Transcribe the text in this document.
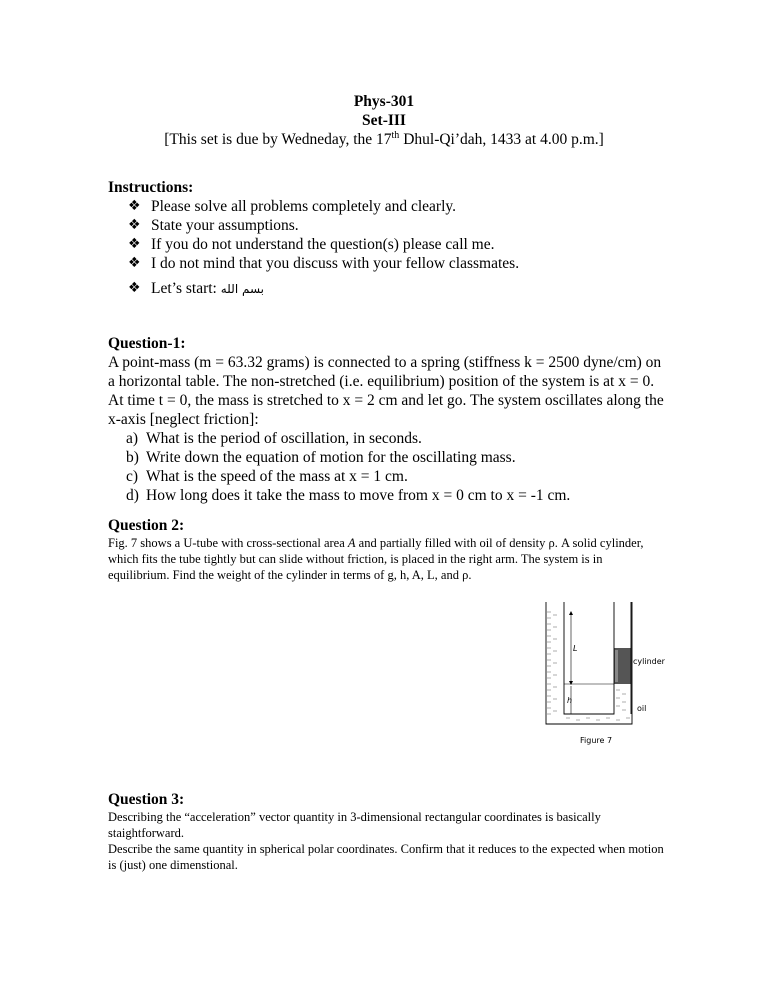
Phys-301
Set-III
[This set is due by Wedneday, the 17th Dhul-Qi’dah, 1433 at 4.00 p.m.]
Instructions:
❖ Please solve all problems completely and clearly.
❖ State your assumptions.
❖ If you do not understand the question(s) please call me.
❖ I do not mind that you discuss with your fellow classmates.
❖ Let’s start: بسم الله
Question-1:
A point-mass (m = 63.32 grams) is connected to a spring (stiffness k = 2500 dyne/cm) on a horizontal table. The non-stretched (i.e. equilibrium) position of the system is at x = 0. At time t = 0, the mass is stretched to x = 2 cm and let go. The system oscillates along the x-axis [neglect friction]:
a) What is the period of oscillation, in seconds.
b) Write down the equation of motion for the oscillating mass.
c) What is the speed of the mass at x = 1 cm.
d) How long does it take the mass to move from x = 0 cm to x = -1 cm.
Question 2:
Fig. 7 shows a U-tube with cross-sectional area A and partially filled with oil of density ρ. A solid cylinder, which fits the tube tightly but can slide without friction, is placed in the right arm. The system is in equilibrium. Find the weight of the cylinder in terms of g, h, A, L, and ρ.
L
h
cylinder
oil
Figure 7
Question 3:
Describing the “acceleration” vector quantity in 3-dimensional rectangular coordinates is basically staightforward.
Describe the same quantity in spherical polar coordinates. Confirm that it reduces to the expected when motion is (just) one dimenstional.
